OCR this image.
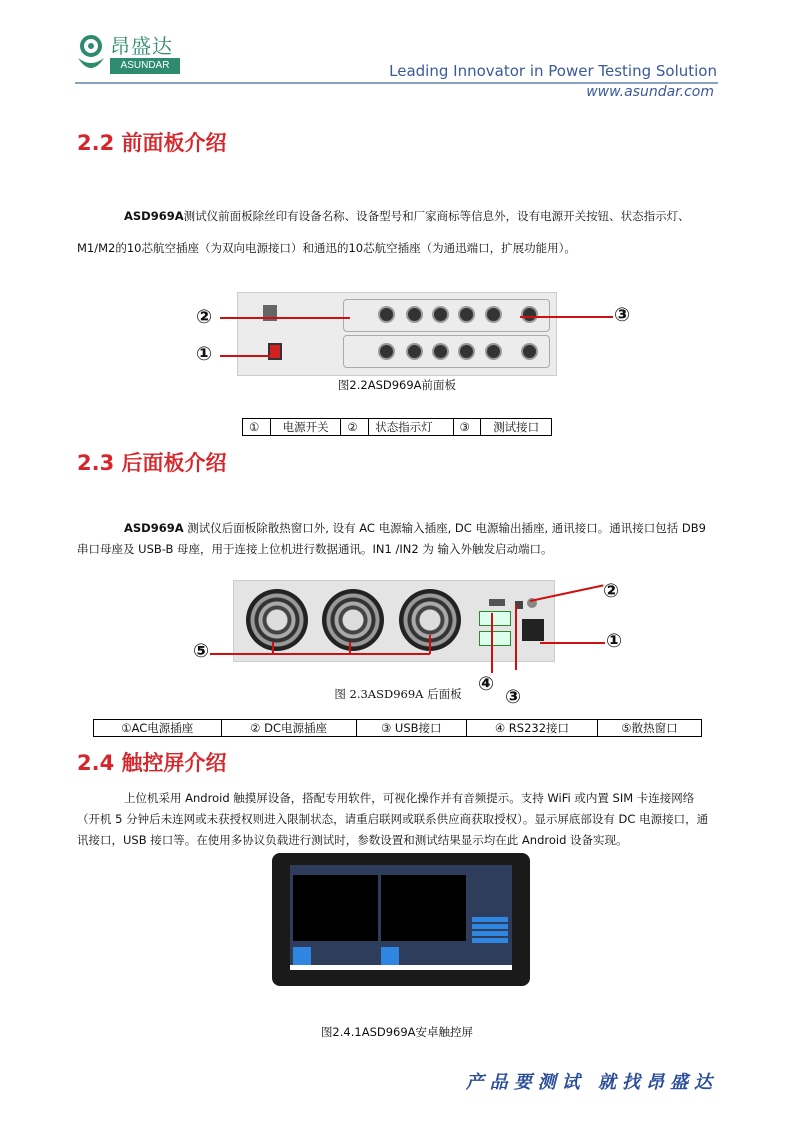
昂盛达
ASUNDAR	Leading Innovator in Power Testing Solution
www.asundar.com
2.2 前面板介绍
ASD969A测试仪前面板除丝印有设备名称、设备型号和厂家商标等信息外，设有电源开关按钮、状态指示灯、M1/M2的10芯航空插座（为双向电源接口）和通迅的10芯航空插座（为通迅端口，扩展功能用）。
②
①
③
图2.2ASD969A前面板
①	电源开关	②	状态指示灯	③	测试接口
2.3 后面板介绍
ASD969A 测试仪后面板除散热窗口外, 设有 AC 电源输入插座, DC 电源输出插座, 通讯接口。通讯接口包括 DB9 串口母座及 USB-B 母座，用于连接上位机进行数据通讯。IN1 /IN2 为 输入外触发启动端口。
⑤
②
①
④
③
图 2.3ASD969A 后面板
①AC电源插座	② DC电源插座	③ USB接口	④ RS232接口	⑤散热窗口
2.4 触控屏介绍
上位机采用 Android 触摸屏设备，搭配专用软件，可视化操作并有音频提示。支持 WiFi 或内置 SIM 卡连接网络（开机 5 分钟后未连网或未获授权则进入限制状态，请重启联网或联系供应商获取授权）。显示屏底部设有 DC 电源接口，通讯接口，USB 接口等。在使用多协议负载进行测试时，参数设置和测试结果显示均在此 Android 设备实现。
图2.4.1ASD969A安卓触控屏
产品要测试 就找昂盛达
